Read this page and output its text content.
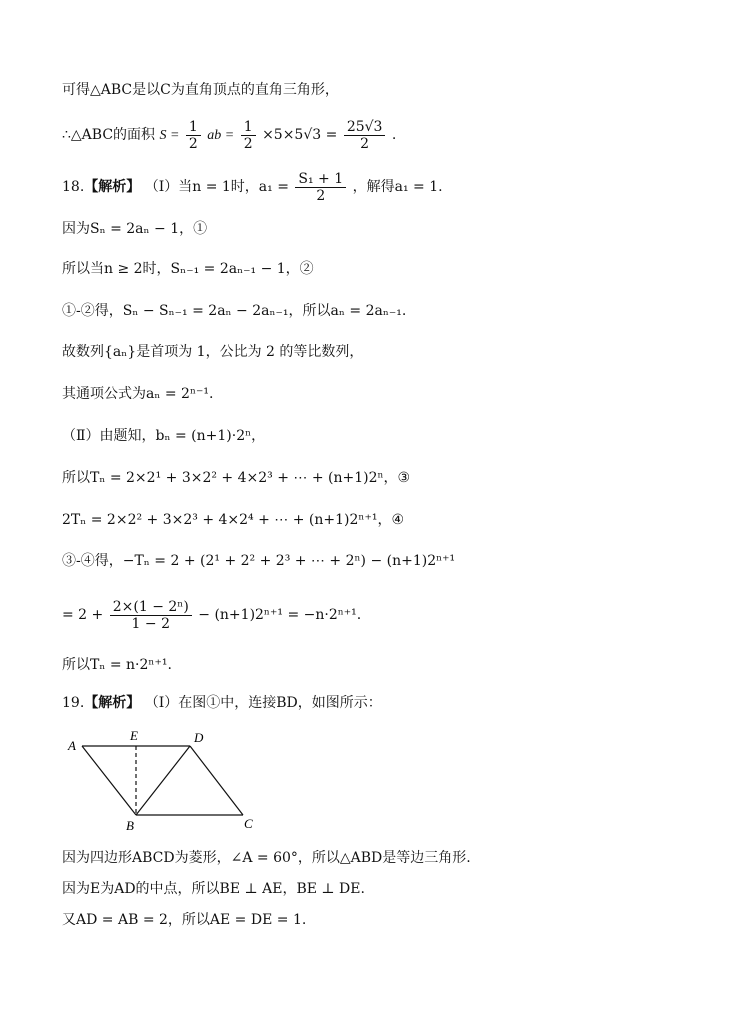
可得△ABC是以C为直角顶点的直角三角形，
∴△ABC的面积 $S = \frac{1}{2}$ ab = $\frac{1}{2} \times 5\times 5√3 = \frac{25√3}{2}$ .
18.【解析】 （Ⅰ）当n = 1时，$a_1 = \frac{\text{S₁ + 1}}{2}$ ，解得a₁ = 1.
因为Sₙ = 2aₙ − 1，①
所以当n ≥ 2时，Sₙ₋₁ = 2aₙ₋₁ − 1，②
①-②得，Sₙ − Sₙ₋₁ = 2aₙ − 2aₙ₋₁，所以aₙ = 2aₙ₋₁.
故数列{aₙ}是首项为 1，公比为 2 的等比数列，
其通项公式为aₙ = 2ⁿ⁻¹.
（Ⅱ）由题知，bₙ = (n+1)·2ⁿ，
所以Tₙ = 2×2¹ + 3×2² + 4×2³ + ⋯ + (n+1)2ⁿ，③
2Tₙ = 2×2² + 3×2³ + 4×2⁴ + ⋯ + (n+1)2ⁿ⁺¹，④
③-④得，−Tₙ = 2 + (2¹ + 2² + 2³ + ⋯ + 2ⁿ) − (n+1)2ⁿ⁺¹
= $2 + \frac{\text{2×(1 − 2ⁿ)}}{1 - 2} - (n+1)2^{n+1} = -n\cdot 2^{n+1}$.
所以Tₙ = n·2ⁿ⁺¹.
19.【解析】 （Ⅰ）在图①中，连接BD，如图所示：
A
E	D
B	C
因为四边形ABCD为菱形，∠A = 60°，所以△ABD是等边三角形.
因为E为AD的中点，所以BE ⊥ AE，BE ⊥ DE.
又AD = AB = 2，所以AE = DE = 1.
